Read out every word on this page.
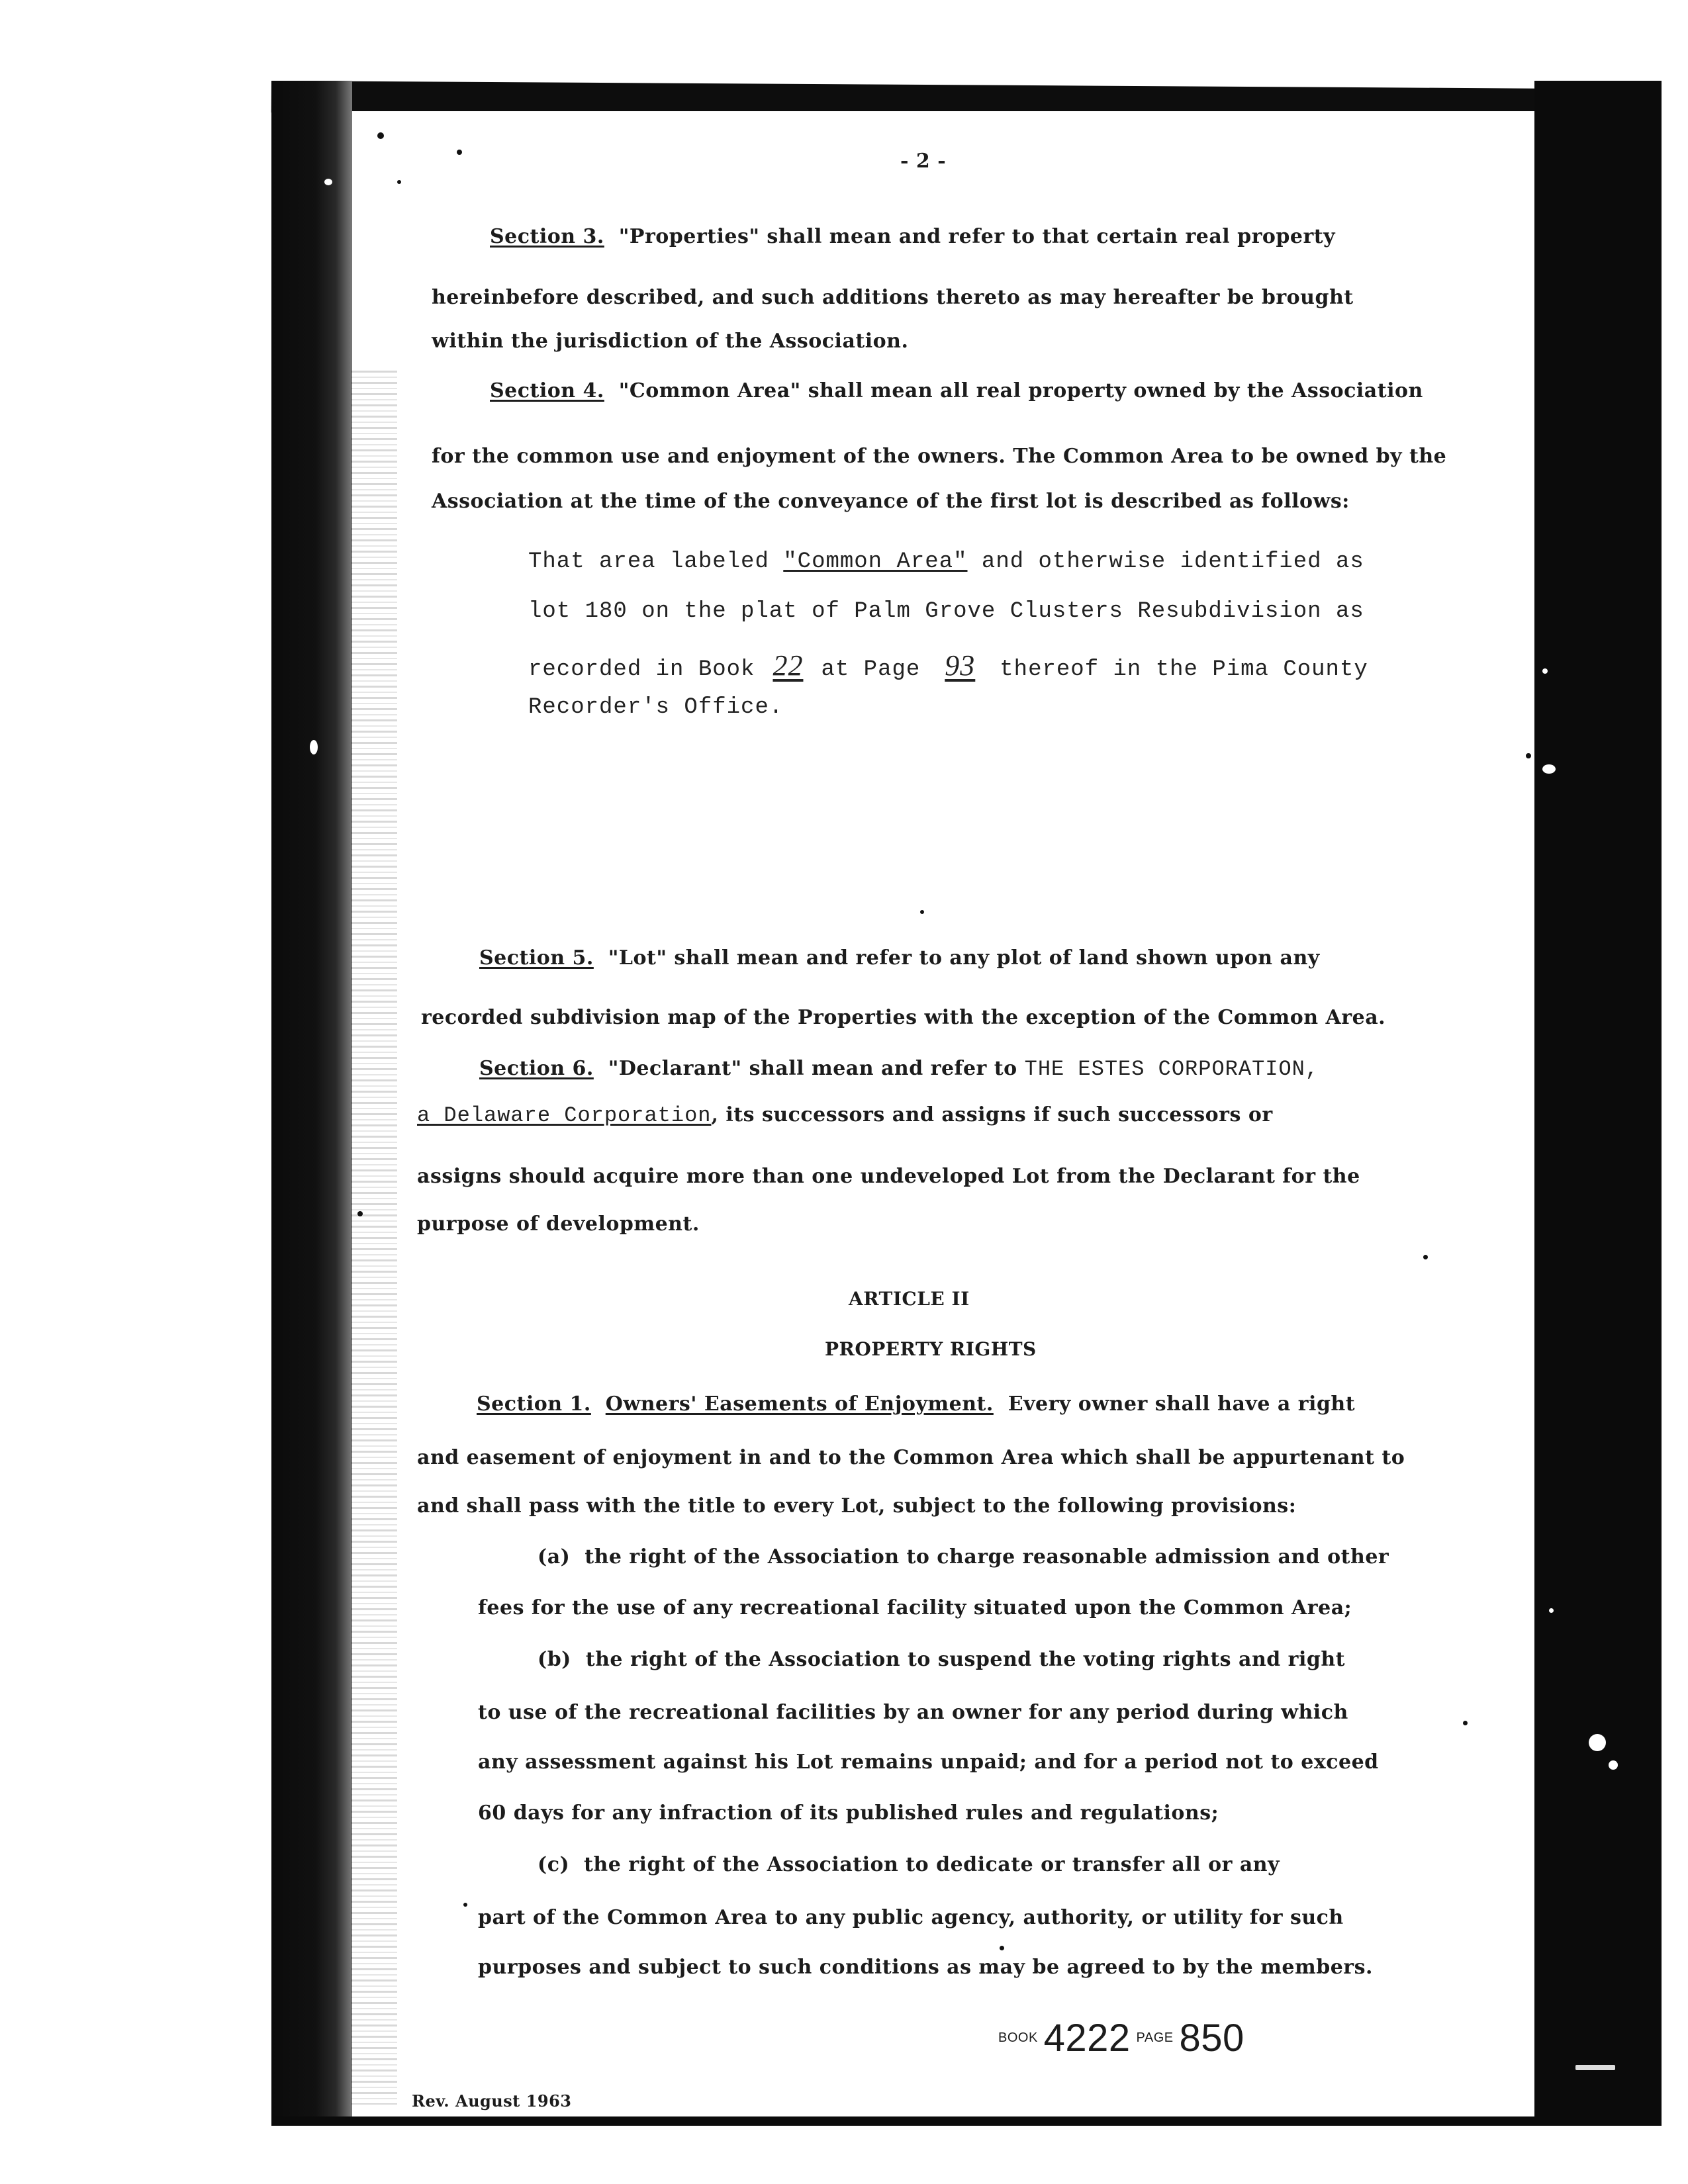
- 2 -

Section 3. "Properties" shall mean and refer to that certain real property

hereinbefore described, and such additions thereto as may hereafter be brought

within the jurisdiction of the Association.

Section 4. "Common Area" shall mean all real property owned by the Association

for the common use and enjoyment of the owners. The Common Area to be owned by the

Association at the time of the conveyance of the first lot is described as follows:

That area labeled "Common Area" and otherwise identified as

lot 180 on the plat of Palm Grove Clusters Resubdivision as

recorded in Book 22 at Page 93 thereof in the Pima County

Recorder's Office.

Section 5. "Lot" shall mean and refer to any plot of land shown upon any

recorded subdivision map of the Properties with the exception of the Common Area.

Section 6. "Declarant" shall mean and refer to THE ESTES CORPORATION,

a Delaware Corporation, its successors and assigns if such successors or

assigns should acquire more than one undeveloped Lot from the Declarant for the

purpose of development.

ARTICLE II

PROPERTY RIGHTS

Section 1. Owners' Easements of Enjoyment. Every owner shall have a right

and easement of enjoyment in and to the Common Area which shall be appurtenant to

and shall pass with the title to every Lot, subject to the following provisions:

(a) the right of the Association to charge reasonable admission and other

fees for the use of any recreational facility situated upon the Common Area;

(b) the right of the Association to suspend the voting rights and right

to use of the recreational facilities by an owner for any period during which

any assessment against his Lot remains unpaid; and for a period not to exceed

60 days for any infraction of its published rules and regulations;

(c) the right of the Association to dedicate or transfer all or any

part of the Common Area to any public agency, authority, or utility for such

purposes and subject to such conditions as may be agreed to by the members.

BOOK 4222 PAGE 850

Rev. August 1963
